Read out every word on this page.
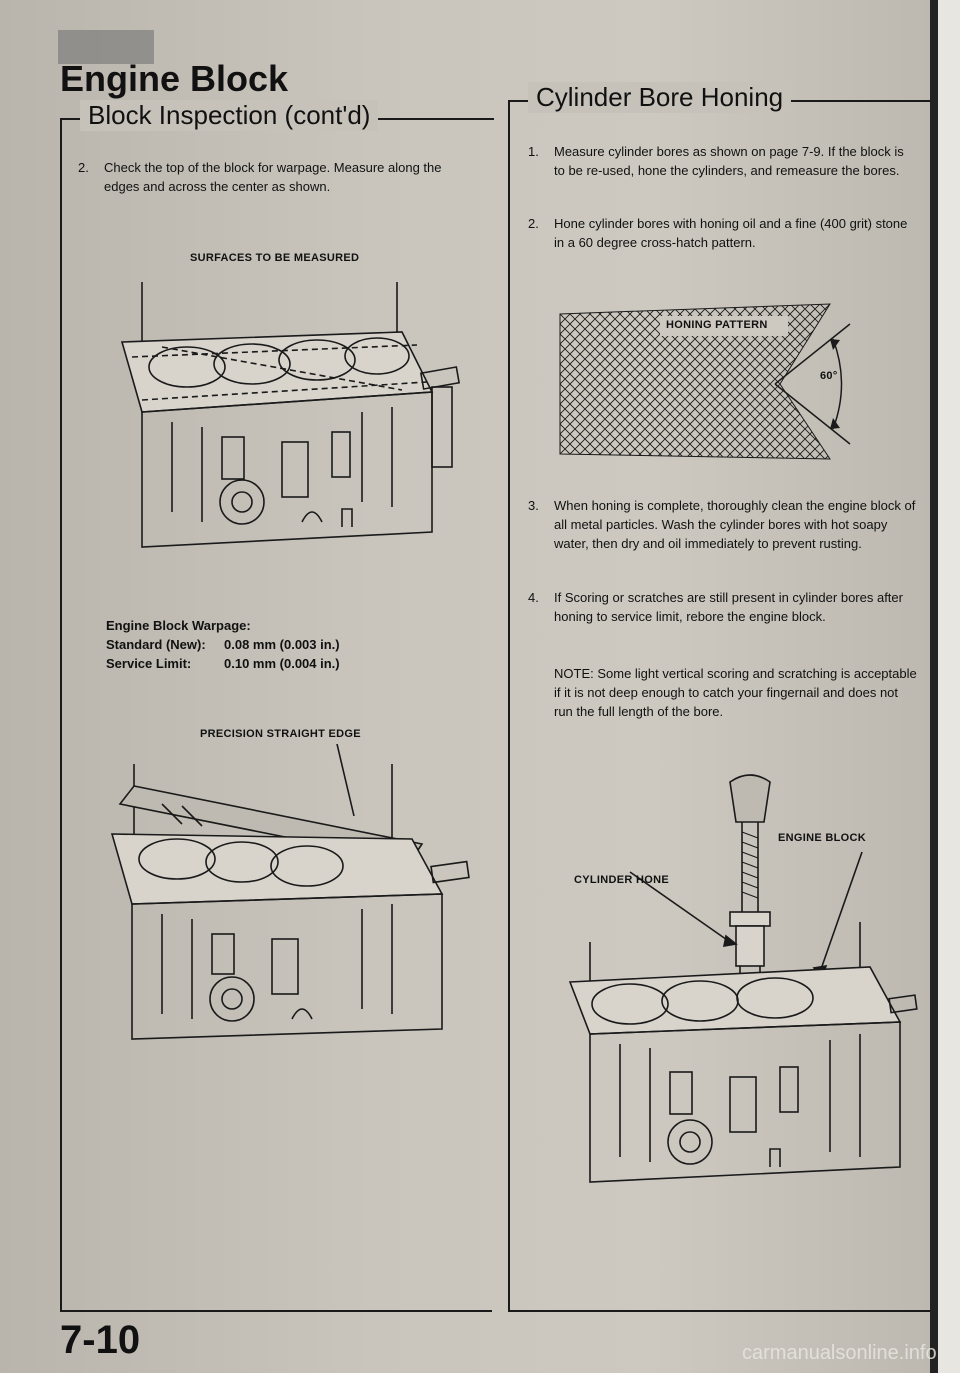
Engine Block
Block Inspection (cont'd)
2.	Check the top of the block for warpage. Measure along the edges and across the center as shown.
SURFACES TO BE MEASURED
Engine Block Warpage:
Standard (New): 0.08 mm (0.003 in.)
Service Limit:	0.10 mm (0.004 in.)
PRECISION STRAIGHT EDGE
Cylinder Bore Honing
1.	Measure cylinder bores as shown on page 7-9. If the block is to be re-used, hone the cylinders, and remeasure the bores.
2.	Hone cylinder bores with honing oil and a fine (400 grit) stone in a 60 degree cross-hatch pattern.
HONING PATTERN
60°
3.	When honing is complete, thoroughly clean the engine block of all metal particles. Wash the cylinder bores with hot soapy water, then dry and oil immediately to prevent rusting.
4.	If Scoring or scratches are still present in cylinder bores after honing to service limit, rebore the engine block.
NOTE: Some light vertical scoring and scratching is acceptable if it is not deep enough to catch your fingernail and does not run the full length of the bore.
CYLINDER HONE
ENGINE BLOCK
7-10	carmanualsonline.info
